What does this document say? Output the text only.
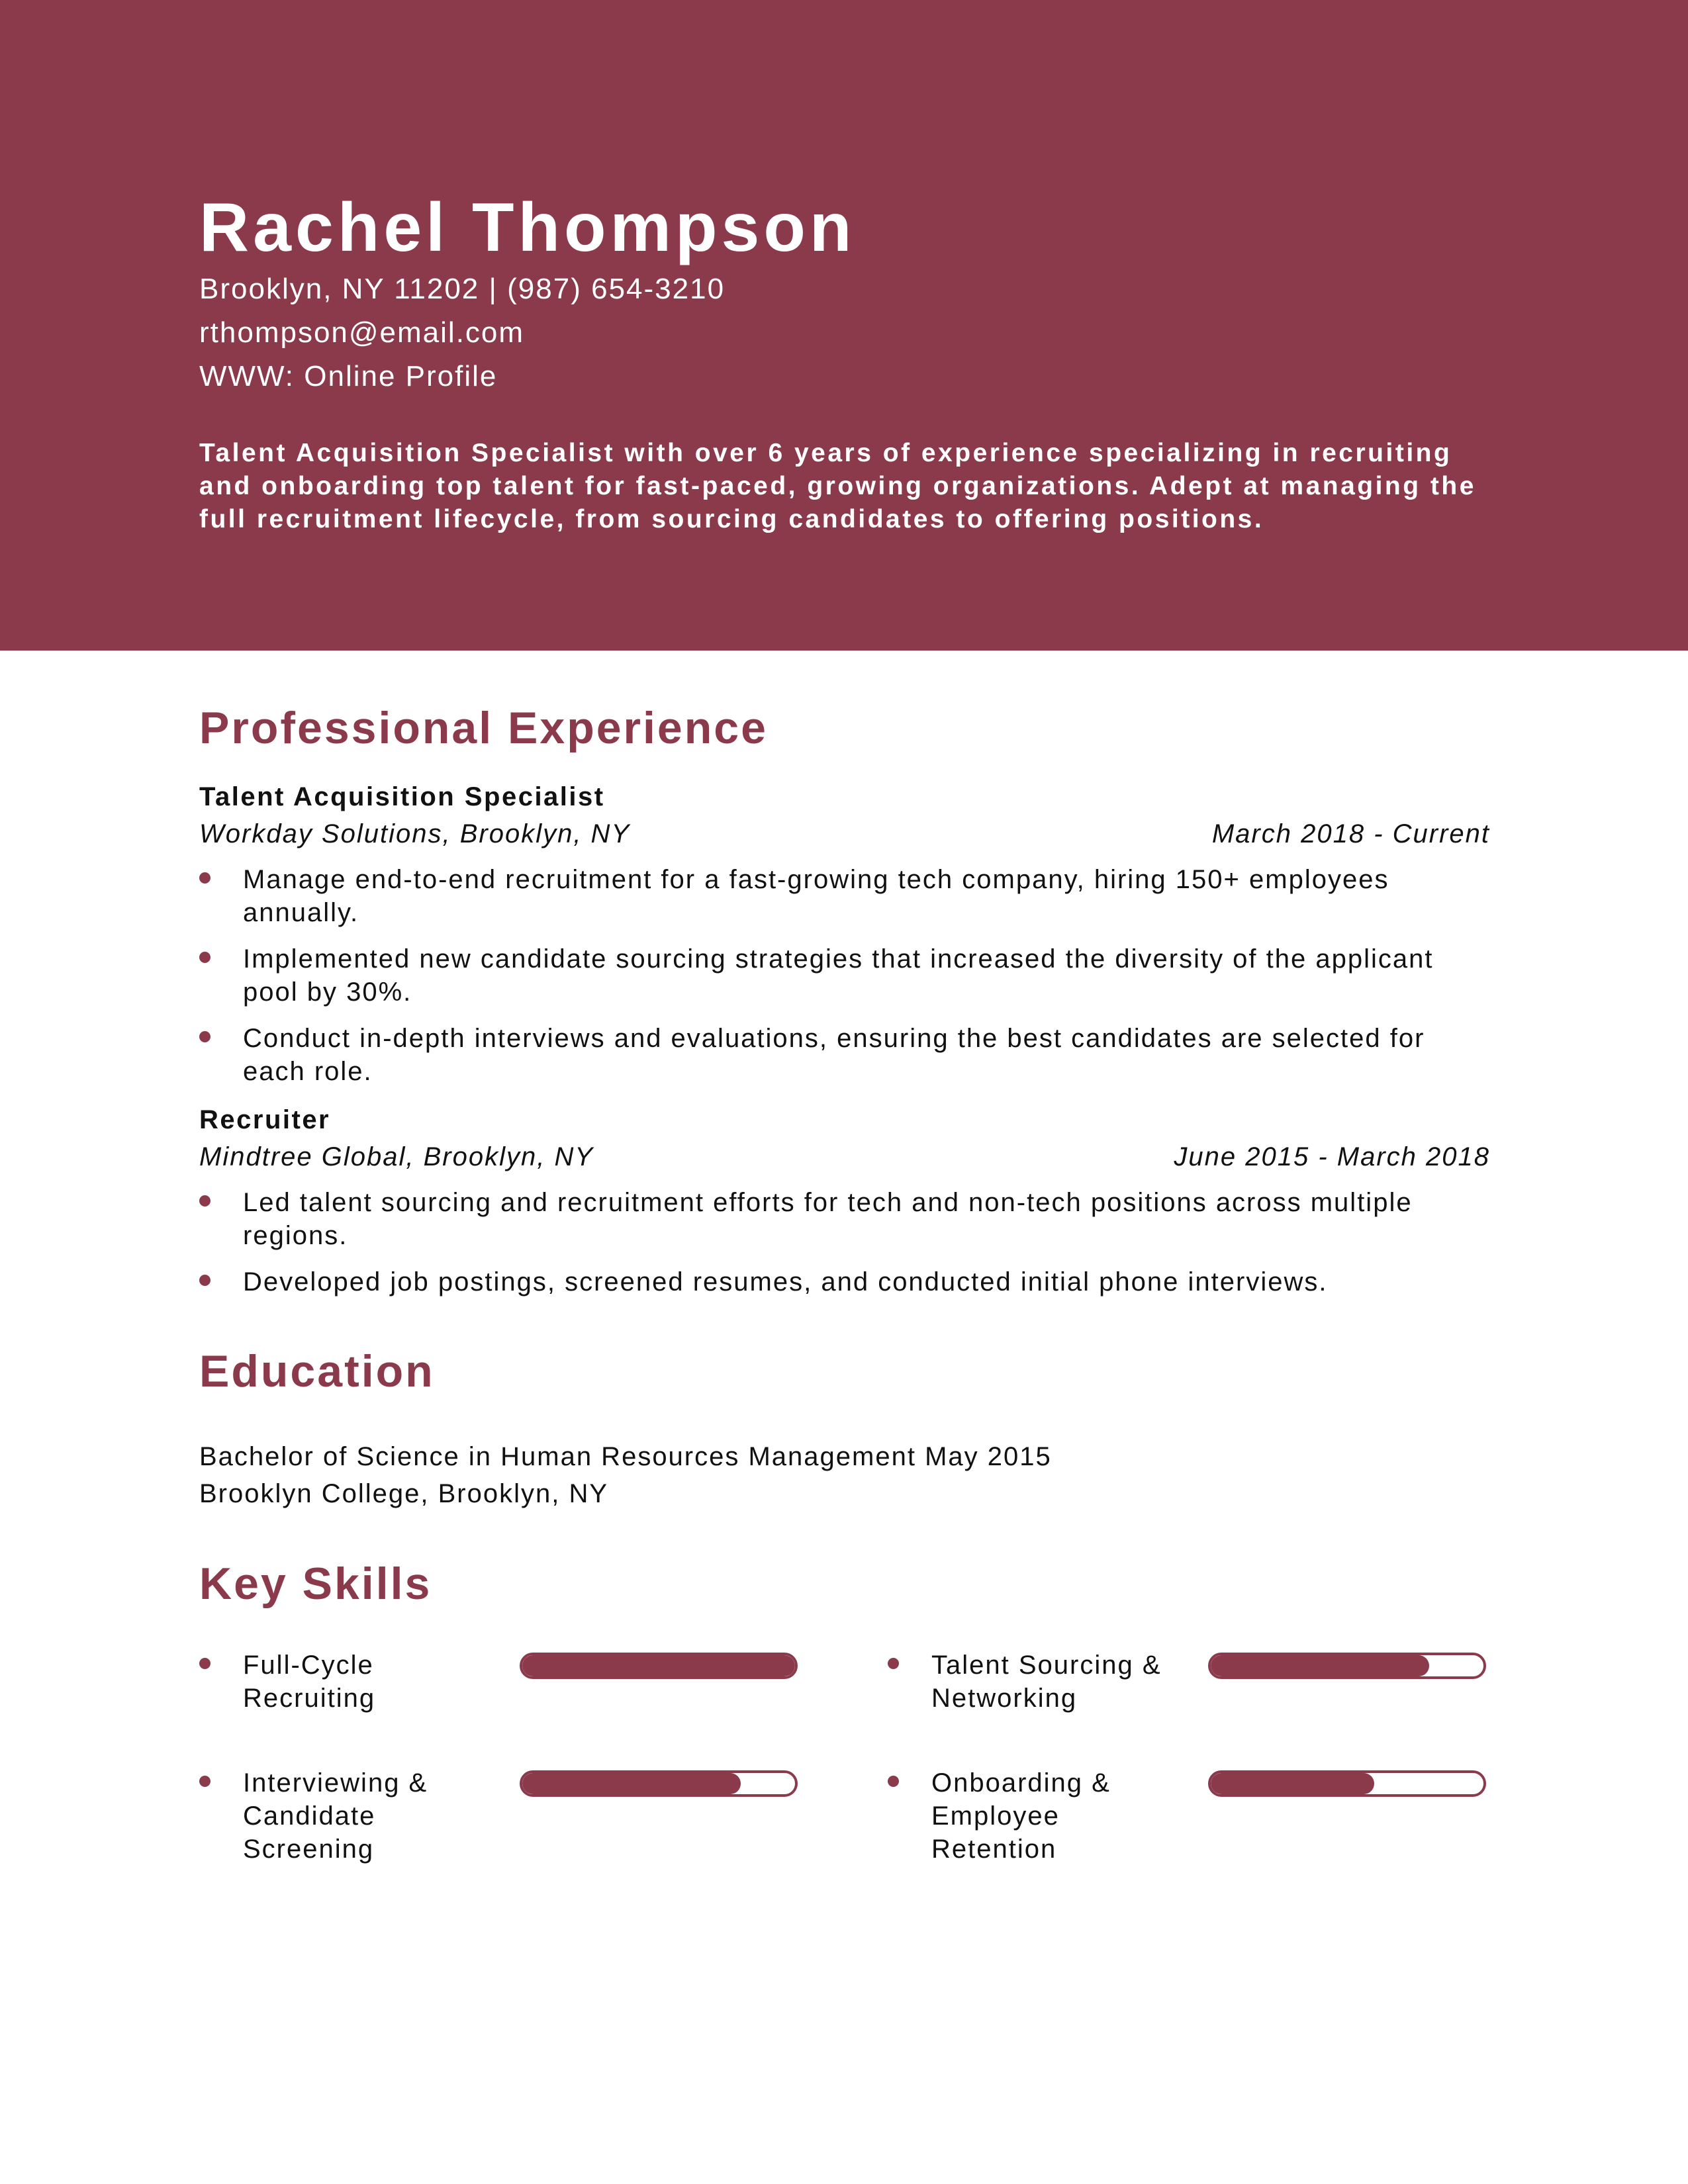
Rachel Thompson
Brooklyn, NY 11202 | (987) 654-3210
rthompson@email.com
WWW: Online Profile
Talent Acquisition Specialist with over 6 years of experience specializing in recruiting and onboarding top talent for fast-paced, growing organizations. Adept at managing the full recruitment lifecycle, from sourcing candidates to offering positions.
Professional Experience
Talent Acquisition Specialist
Workday Solutions, Brooklyn, NY	March 2018 - Current
Manage end-to-end recruitment for a fast-growing tech company, hiring 150+ employees annually.
Implemented new candidate sourcing strategies that increased the diversity of the applicant pool by 30%.
Conduct in-depth interviews and evaluations, ensuring the best candidates are selected for each role.
Recruiter
Mindtree Global, Brooklyn, NY	June 2015 - March 2018
Led talent sourcing and recruitment efforts for tech and non-tech positions across multiple regions.
Developed job postings, screened resumes, and conducted initial phone interviews.
Education
Bachelor of Science in Human Resources Management May 2015
Brooklyn College, Brooklyn, NY
Key Skills
Full-Cycle Recruiting
Talent Sourcing & Networking
Interviewing & Candidate Screening
Onboarding & Employee Retention
